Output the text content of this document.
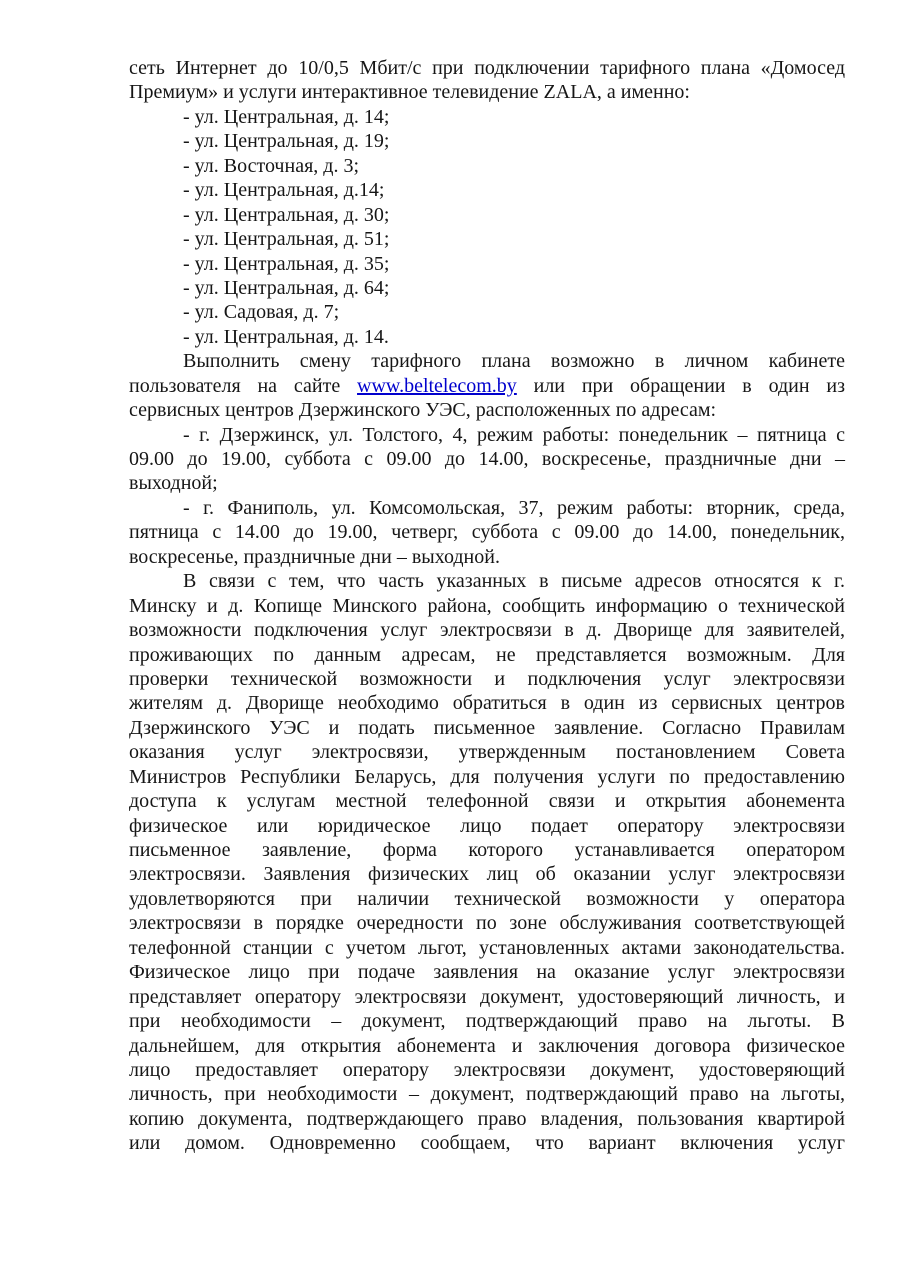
сеть Интернет до 10/0,5 Мбит/с при подключении тарифного плана «Домосед
Премиум» и услуги интерактивное телевидение ZALA, а именно:
- ул. Центральная, д. 14;
- ул. Центральная, д. 19;
- ул. Восточная, д. 3;
- ул. Центральная, д.14;
- ул. Центральная, д. 30;
- ул. Центральная, д. 51;
- ул. Центральная, д. 35;
- ул. Центральная, д. 64;
- ул. Садовая, д. 7;
- ул. Центральная, д. 14.
Выполнить смену тарифного плана возможно в личном кабинете
пользователя на сайте www.beltelecom.by или при обращении в один из
сервисных центров Дзержинского УЭС, расположенных по адресам:
- г. Дзержинск, ул. Толстого, 4, режим работы: понедельник – пятница с
09.00 до 19.00, суббота с 09.00 до 14.00, воскресенье, праздничные дни –
выходной;
- г. Фаниполь, ул. Комсомольская, 37, режим работы: вторник, среда,
пятница с 14.00 до 19.00, четверг, суббота с 09.00 до 14.00, понедельник,
воскресенье, праздничные дни – выходной.
В связи с тем, что часть указанных в письме адресов относятся к г.
Минску и д. Копище Минского района, сообщить информацию о технической
возможности подключения услуг электросвязи в д. Дворище для заявителей,
проживающих по данным адресам, не представляется возможным. Для
проверки технической возможности и подключения услуг электросвязи
жителям д. Дворище необходимо обратиться в один из сервисных центров
Дзержинского УЭС и подать письменное заявление. Согласно Правилам
оказания услуг электросвязи, утвержденным постановлением Совета
Министров Республики Беларусь, для получения услуги по предоставлению
доступа к услугам местной телефонной связи и открытия абонемента
физическое или юридическое лицо подает оператору электросвязи
письменное заявление, форма которого устанавливается оператором
электросвязи. Заявления физических лиц об оказании услуг электросвязи
удовлетворяются при наличии технической возможности у оператора
электросвязи в порядке очередности по зоне обслуживания соответствующей
телефонной станции с учетом льгот, установленных актами законодательства.
Физическое лицо при подаче заявления на оказание услуг электросвязи
представляет оператору электросвязи документ, удостоверяющий личность, и
при необходимости – документ, подтверждающий право на льготы. В
дальнейшем, для открытия абонемента и заключения договора физическое
лицо предоставляет оператору электросвязи документ, удостоверяющий
личность, при необходимости – документ, подтверждающий право на льготы,
копию документа, подтверждающего право владения, пользования квартирой
или домом. Одновременно сообщаем, что вариант включения услуг
